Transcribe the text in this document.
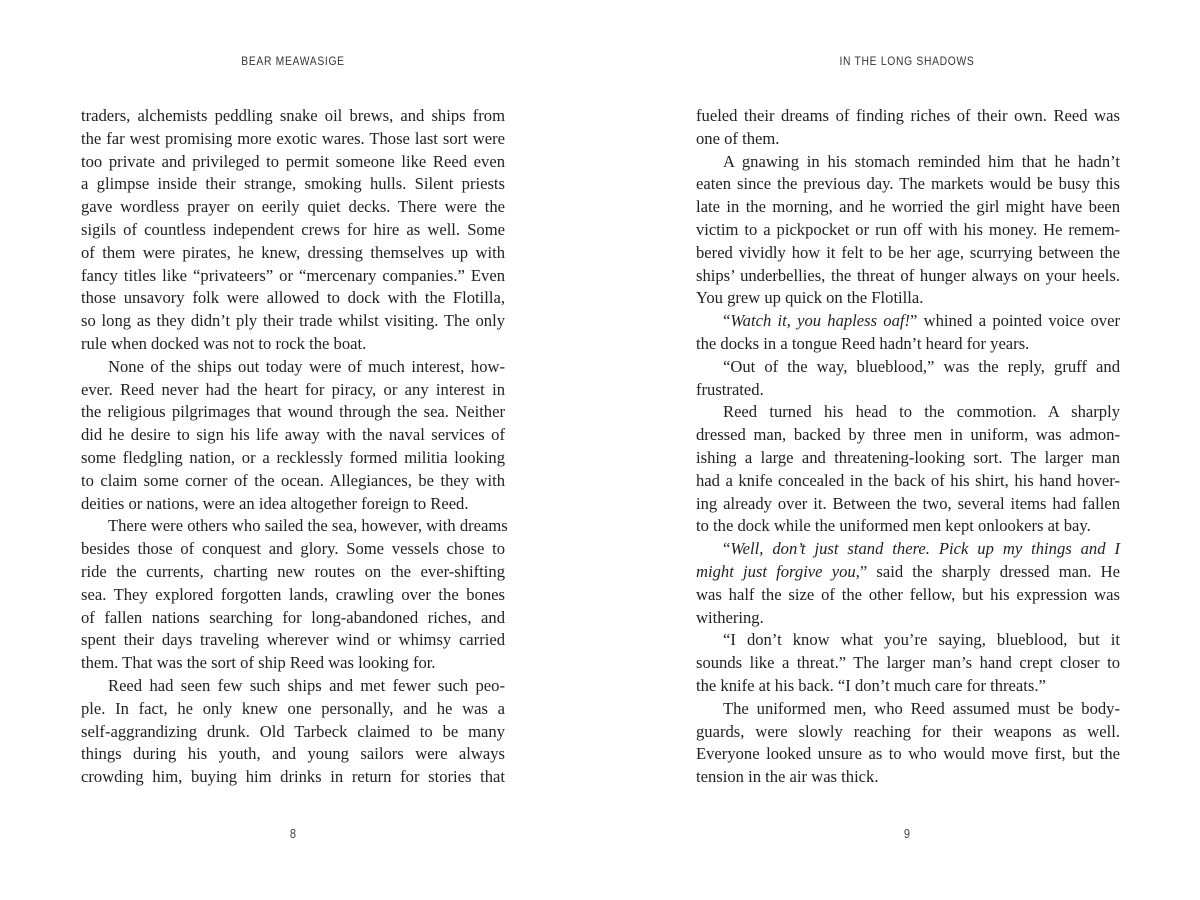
BEAR MEAWASIGE
traders, alchemists peddling snake oil brews, and ships from
the far west promising more exotic wares. Those last sort were
too private and privileged to permit someone like Reed even
a glimpse inside their strange, smoking hulls. Silent priests
gave wordless prayer on eerily quiet decks. There were the
sigils of countless independent crews for hire as well. Some
of them were pirates, he knew, dressing themselves up with
fancy titles like “privateers” or “mercenary companies.” Even
those unsavory folk were allowed to dock with the Flotilla,
so long as they didn’t ply their trade whilst visiting. The only
rule when docked was not to rock the boat.
None of the ships out today were of much interest, how-
ever. Reed never had the heart for piracy, or any interest in
the religious pilgrimages that wound through the sea. Neither
did he desire to sign his life away with the naval services of
some fledgling nation, or a recklessly formed militia looking
to claim some corner of the ocean. Allegiances, be they with
deities or nations, were an idea altogether foreign to Reed.
There were others who sailed the sea, however, with dreams
besides those of conquest and glory. Some vessels chose to
ride the currents, charting new routes on the ever-shifting
sea. They explored forgotten lands, crawling over the bones
of fallen nations searching for long-abandoned riches, and
spent their days traveling wherever wind or whimsy carried
them. That was the sort of ship Reed was looking for.
Reed had seen few such ships and met fewer such peo-
ple. In fact, he only knew one personally, and he was a
self-aggrandizing drunk. Old Tarbeck claimed to be many
things during his youth, and young sailors were always
crowding him, buying him drinks in return for stories that
8
IN THE LONG SHADOWS
fueled their dreams of finding riches of their own. Reed was
one of them.
A gnawing in his stomach reminded him that he hadn’t
eaten since the previous day. The markets would be busy this
late in the morning, and he worried the girl might have been
victim to a pickpocket or run off with his money. He remem-
bered vividly how it felt to be her age, scurrying between the
ships’ underbellies, the threat of hunger always on your heels.
You grew up quick on the Flotilla.
“Watch it, you hapless oaf!” whined a pointed voice over
the docks in a tongue Reed hadn’t heard for years.
“Out of the way, blueblood,” was the reply, gruff and
frustrated.
Reed turned his head to the commotion. A sharply
dressed man, backed by three men in uniform, was admon-
ishing a large and threatening-looking sort. The larger man
had a knife concealed in the back of his shirt, his hand hover-
ing already over it. Between the two, several items had fallen
to the dock while the uniformed men kept onlookers at bay.
“Well, don’t just stand there. Pick up my things and I
might just forgive you,” said the sharply dressed man. He
was half the size of the other fellow, but his expression was
withering.
“I don’t know what you’re saying, blueblood, but it
sounds like a threat.” The larger man’s hand crept closer to
the knife at his back. “I don’t much care for threats.”
The uniformed men, who Reed assumed must be body-
guards, were slowly reaching for their weapons as well.
Everyone looked unsure as to who would move first, but the
tension in the air was thick.
9
